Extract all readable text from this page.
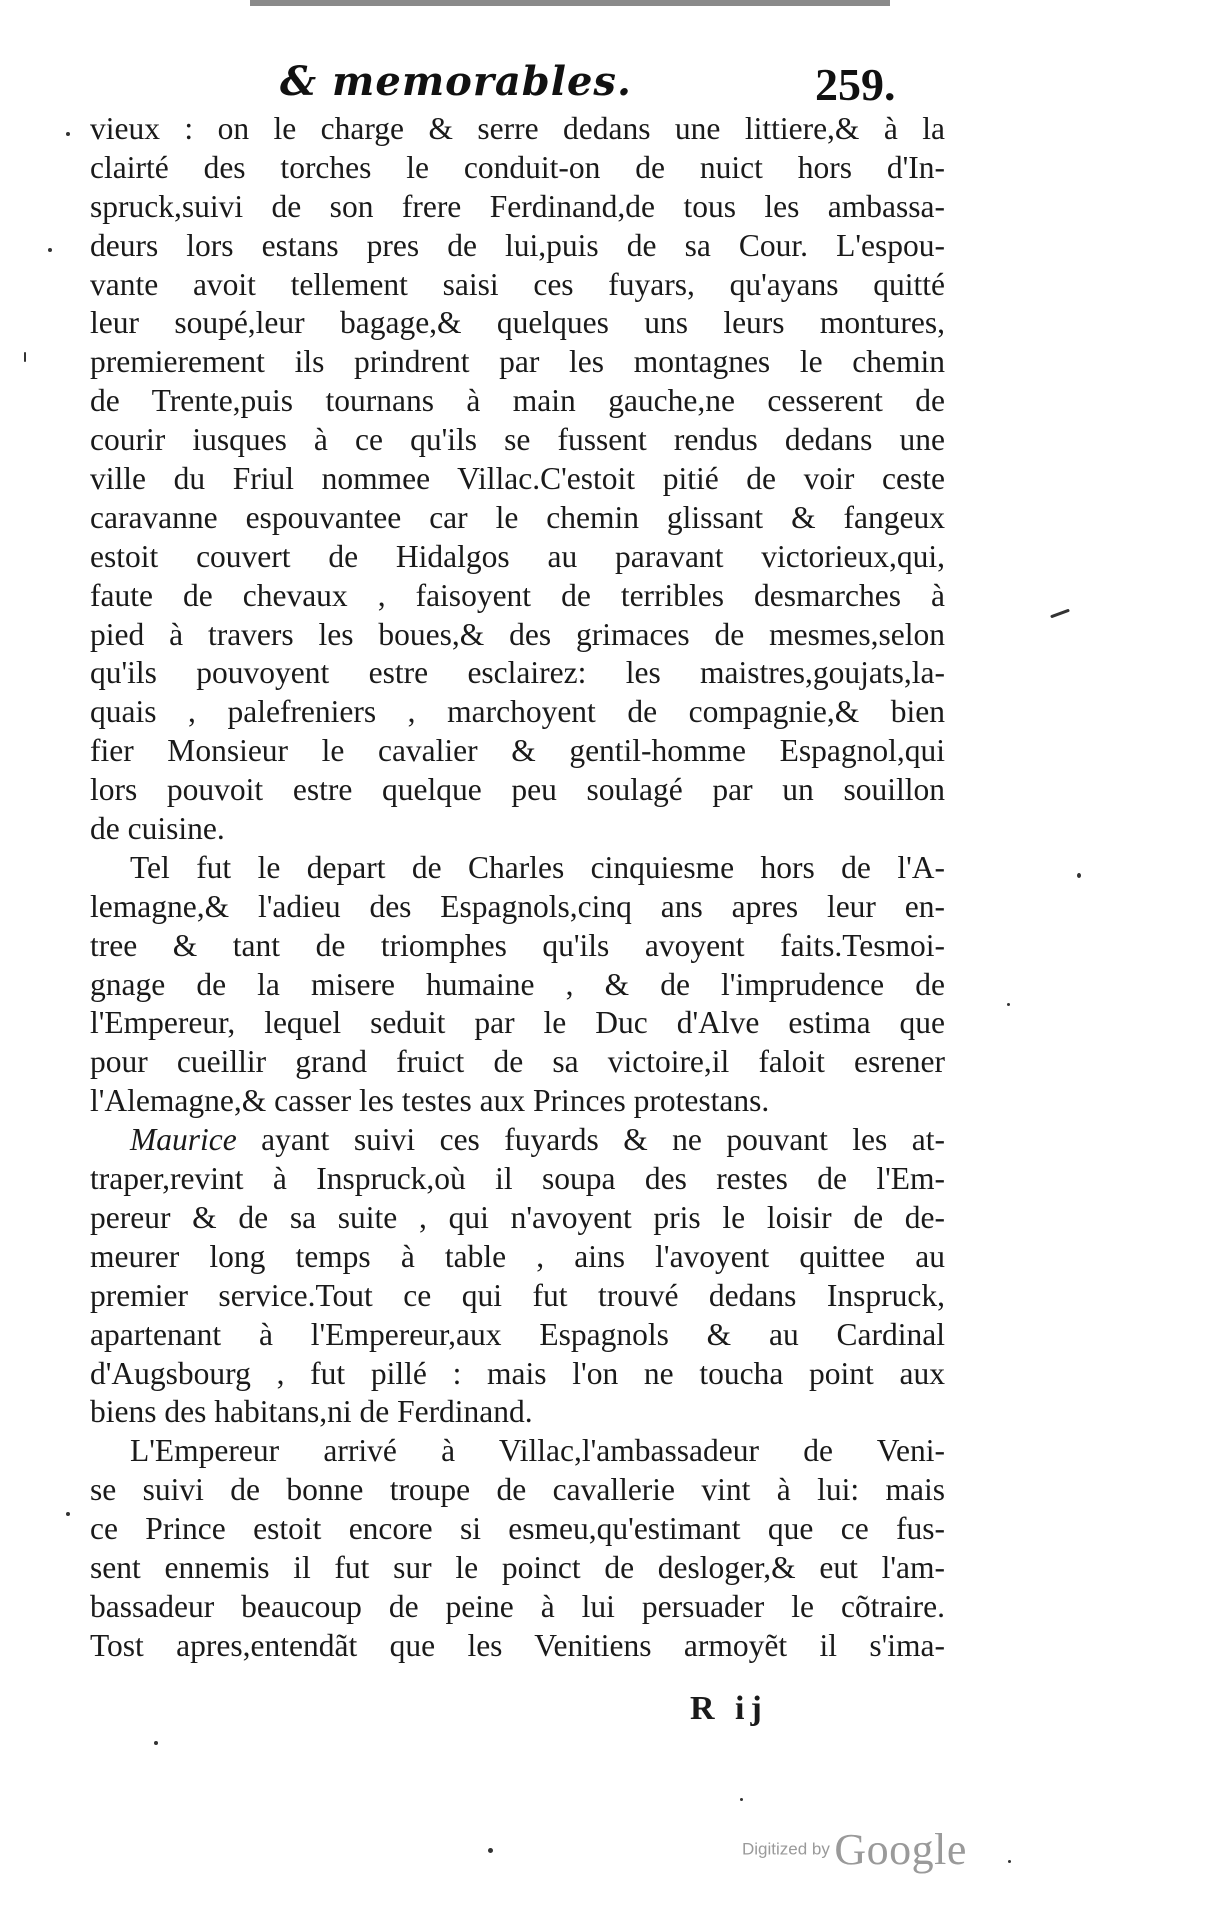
& memorables.	259.
vieux : on le charge & serre dedans une littiere,& à la
clairté des torches le conduit-on de nuict hors d'In-
spruck,suivi de son frere Ferdinand,de tous les ambassa-
deurs lors estans pres de lui,puis de sa Cour. L'espou-
vante avoit tellement saisi ces fuyars, qu'ayans quitté
leur soupé,leur bagage,& quelques uns leurs montures,
premierement ils prindrent par les montagnes le chemin
de Trente,puis tournans à main gauche,ne cesserent de
courir iusques à ce qu'ils se fussent rendus dedans une
ville du Friul nommee Villac.C'estoit pitié de voir ceste
caravanne espouvantee car le chemin glissant & fangeux
estoit couvert de Hidalgos au paravant victorieux,qui,
faute de chevaux , faisoyent de terribles desmarches à
pied à travers les boues,& des grimaces de mesmes,selon
qu'ils pouvoyent estre esclairez: les maistres,goujats,la-
quais , palefreniers , marchoyent de compagnie,& bien
fier Monsieur le cavalier & gentil-homme Espagnol,qui
lors pouvoit estre quelque peu soulagé par un souillon
de cuisine.
Tel fut le depart de Charles cinquiesme hors de l'A-
lemagne,& l'adieu des Espagnols,cinq ans apres leur en-
tree & tant de triomphes qu'ils avoyent faits.Tesmoi-
gnage de la misere humaine , & de l'imprudence de
l'Empereur, lequel seduit par le Duc d'Alve estima que
pour cueillir grand fruict de sa victoire,il faloit esrener
l'Alemagne,& casser les testes aux Princes protestans.
Maurice ayant suivi ces fuyards & ne pouvant les at-
traper,revint à Inspruck,où il soupa des restes de l'Em-
pereur & de sa suite , qui n'avoyent pris le loisir de de-
meurer long temps à table , ains l'avoyent quittee au
premier service.Tout ce qui fut trouvé dedans Inspruck,
apartenant à l'Empereur,aux Espagnols & au Cardinal
d'Augsbourg , fut pillé : mais l'on ne toucha point aux
biens des habitans,ni de Ferdinand.
L'Empereur arrivé à Villac,l'ambassadeur de Veni-
se suivi de bonne troupe de cavallerie vint à lui: mais
ce Prince estoit encore si esmeu,qu'estimant que ce fus-
sent ennemis il fut sur le poinct de desloger,& eut l'am-
bassadeur beaucoup de peine à lui persuader le cõtraire.
Tost apres,entendãt que les Venitiens armoyẽt il s'ima-
R ij
Digitized by Google
